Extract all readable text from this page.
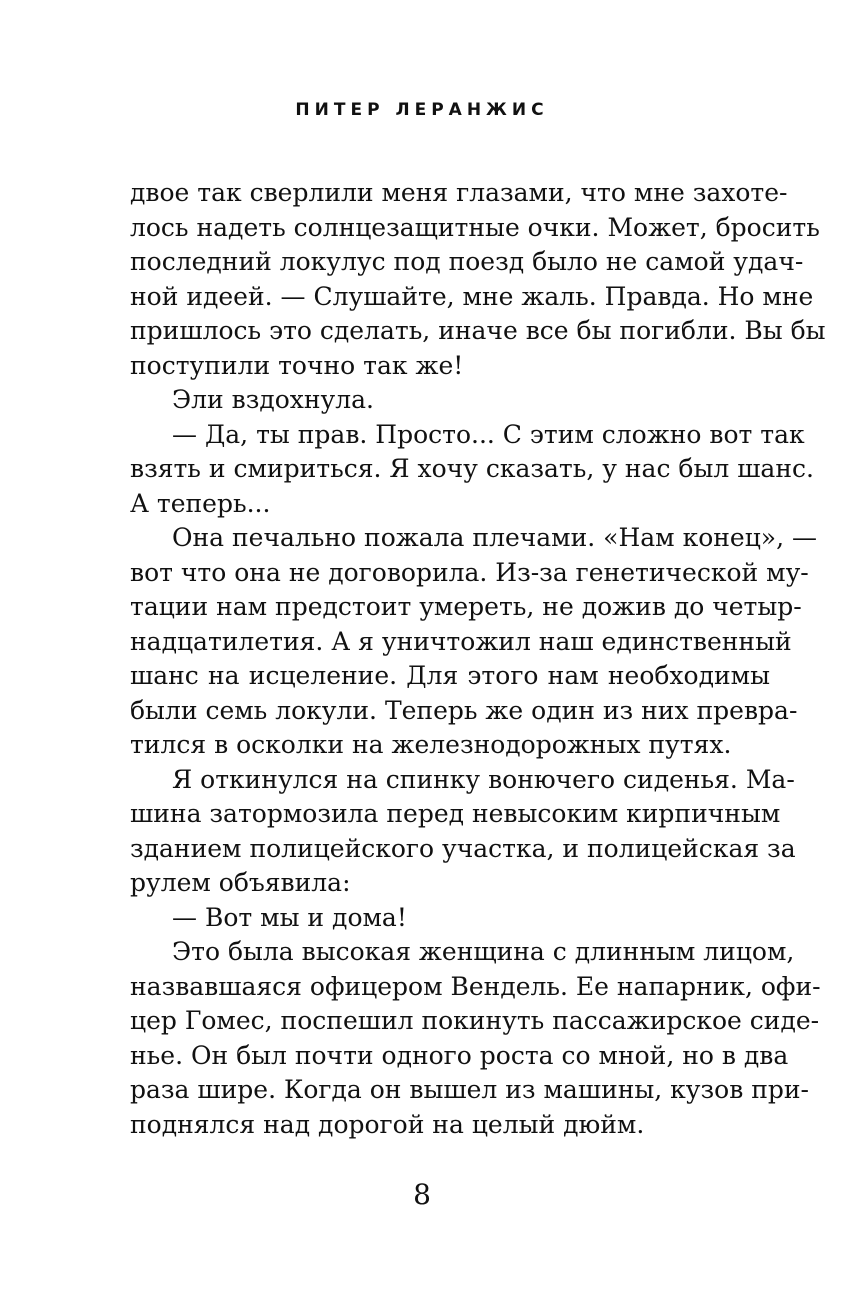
ПИТЕР ЛЕРАНЖИС
двое так сверлили меня глазами, что мне захоте-
лось надеть солнцезащитные очки. Может, бросить
последний локулус под поезд было не самой удач-
ной идеей. — Слушайте, мне жаль. Правда. Но мне
пришлось это сделать, иначе все бы погибли. Вы бы
поступили точно так же!
Эли вздохнула.
— Да, ты прав. Просто... С этим сложно вот так
взять и смириться. Я хочу сказать, у нас был шанс.
А теперь...
Она печально пожала плечами. «Нам конец», —
вот что она не договорила. Из-за генетической му-
тации нам предстоит умереть, не дожив до четыр-
надцатилетия. А я уничтожил наш единственный
шанс на исцеление. Для этого нам необходимы
были семь локули. Теперь же один из них превра-
тился в осколки на железнодорожных путях.
Я откинулся на спинку вонючего сиденья. Ма-
шина затормозила перед невысоким кирпичным
зданием полицейского участка, и полицейская за
рулем объявила:
— Вот мы и дома!
Это была высокая женщина с длинным лицом,
назвавшаяся офицером Вендель. Ее напарник, офи-
цер Гомес, поспешил покинуть пассажирское сиде-
нье. Он был почти одного роста со мной, но в два
раза шире. Когда он вышел из машины, кузов при-
поднялся над дорогой на целый дюйм.
8
